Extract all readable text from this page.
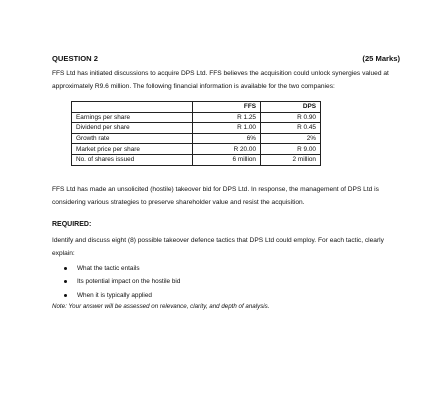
QUESTION 2	(25 Marks)
FFS Ltd has initiated discussions to acquire DPS Ltd. FFS believes the acquisition could unlock synergies valued at approximately R9.6 million. The following financial information is available for the two companies:
	FFS	DPS
Earnings per share	R 1.25	R 0.90
Dividend per share	R 1.00	R 0.45
Growth rate	6%	2%
Market price per share	R 20.00	R 9.00
No. of shares issued	6 million	2 million
FFS Ltd has made an unsolicited (hostile) takeover bid for DPS Ltd. In response, the management of DPS Ltd is considering various strategies to preserve shareholder value and resist the acquisition.
REQUIRED:
Identify and discuss eight (8) possible takeover defence tactics that DPS Ltd could employ. For each tactic, clearly explain:
What the tactic entails
Its potential impact on the hostile bid
When it is typically applied
Note: Your answer will be assessed on relevance, clarity, and depth of analysis.
